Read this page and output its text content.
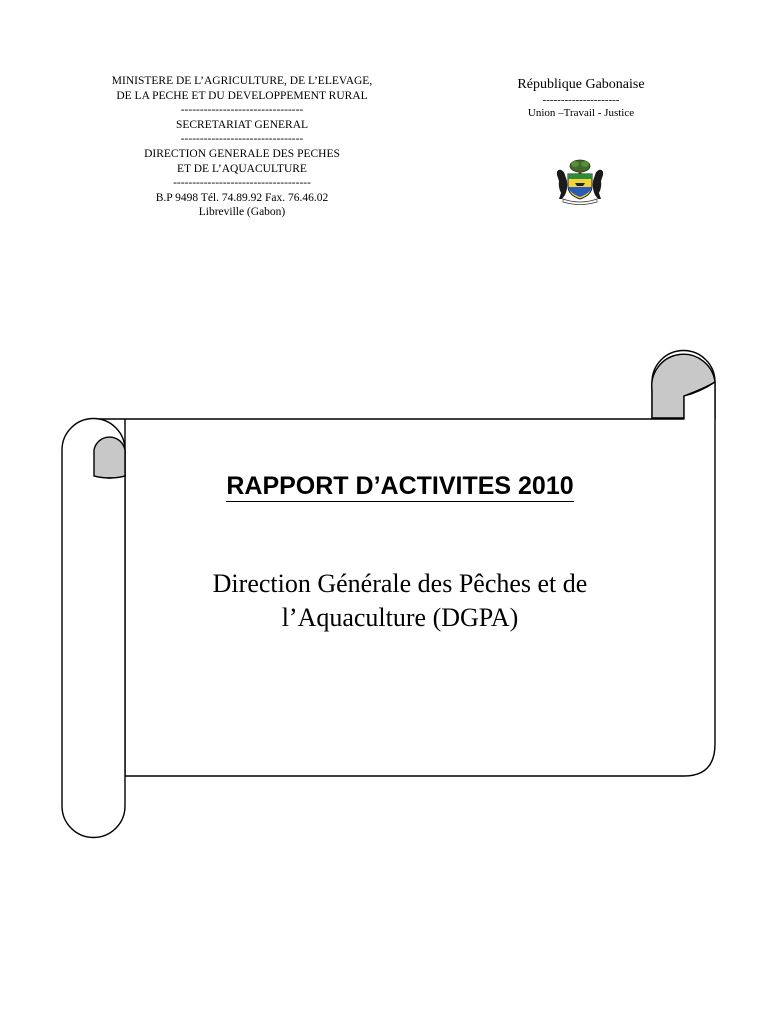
MINISTERE DE L’AGRICULTURE, DE L’ELEVAGE,
DE LA PECHE ET DU DEVELOPPEMENT RURAL
--------------------------------
SECRETARIAT GENERAL
--------------------------------
DIRECTION GENERALE DES PECHES
ET DE L’AQUACULTURE
------------------------------------
B.P 9498 Tél. 74.89.92 Fax. 76.46.02
Libreville (Gabon)
République Gabonaise
---------------------
Union –Travail - Justice
RAPPORT D’ACTIVITES 2010
Direction Générale des Pêches et de
l’Aquaculture (DGPA)
